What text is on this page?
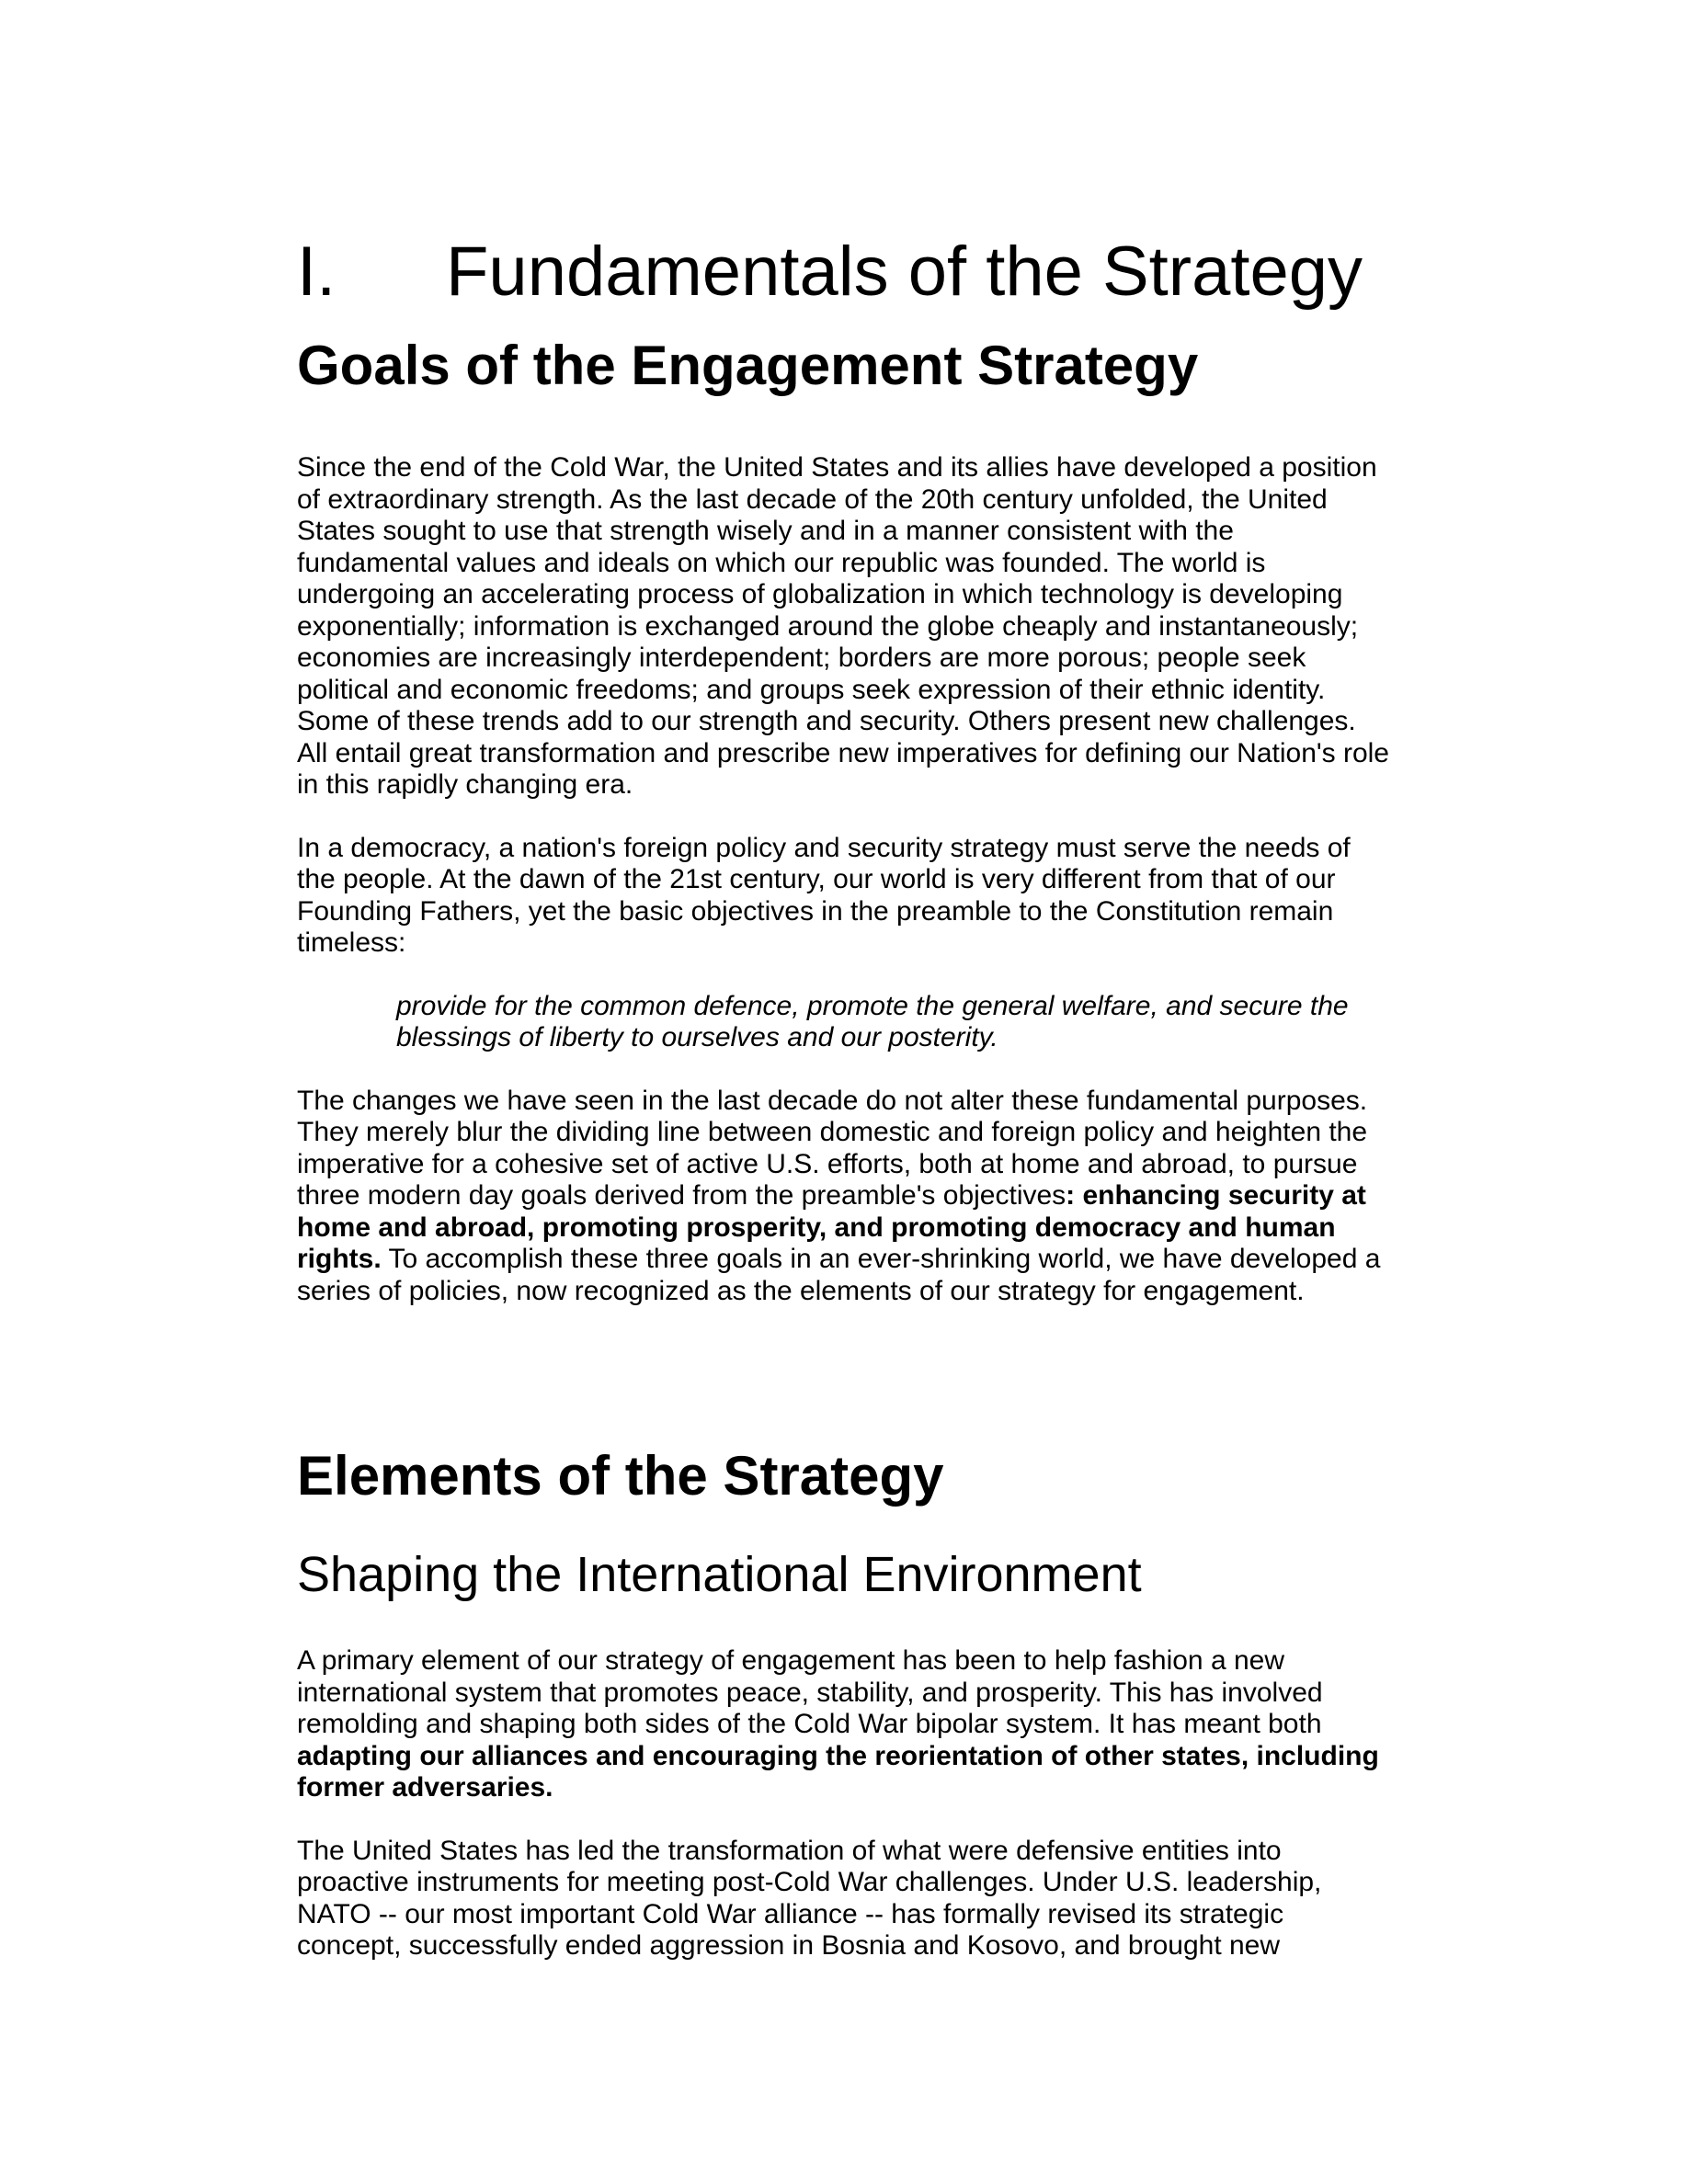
I.	Fundamentals of the Strategy
Goals of the Engagement Strategy

Since the end of the Cold War, the United States and its allies have developed a position of extraordinary strength. As the last decade of the 20th century unfolded, the United States sought to use that strength wisely and in a manner consistent with the fundamental values and ideals on which our republic was founded. The world is undergoing an accelerating process of globalization in which technology is developing exponentially; information is exchanged around the globe cheaply and instantaneously; economies are increasingly interdependent; borders are more porous; people seek political and economic freedoms; and groups seek expression of their ethnic identity. Some of these trends add to our strength and security. Others present new challenges. All entail great transformation and prescribe new imperatives for defining our Nation's role in this rapidly changing era.

In a democracy, a nation's foreign policy and security strategy must serve the needs of the people. At the dawn of the 21st century, our world is very different from that of our Founding Fathers, yet the basic objectives in the preamble to the Constitution remain timeless:

provide for the common defence, promote the general welfare, and secure the blessings of liberty to ourselves and our posterity.

The changes we have seen in the last decade do not alter these fundamental purposes. They merely blur the dividing line between domestic and foreign policy and heighten the imperative for a cohesive set of active U.S. efforts, both at home and abroad, to pursue three modern day goals derived from the preamble's objectives: enhancing security at home and abroad, promoting prosperity, and promoting democracy and human rights. To accomplish these three goals in an ever-shrinking world, we have developed a series of policies, now recognized as the elements of our strategy for engagement.

Elements of the Strategy
Shaping the International Environment

A primary element of our strategy of engagement has been to help fashion a new international system that promotes peace, stability, and prosperity. This has involved remolding and shaping both sides of the Cold War bipolar system. It has meant both adapting our alliances and encouraging the reorientation of other states, including former adversaries.

The United States has led the transformation of what were defensive entities into proactive instruments for meeting post-Cold War challenges. Under U.S. leadership, NATO -- our most important Cold War alliance -- has formally revised its strategic concept, successfully ended aggression in Bosnia and Kosovo, and brought new
